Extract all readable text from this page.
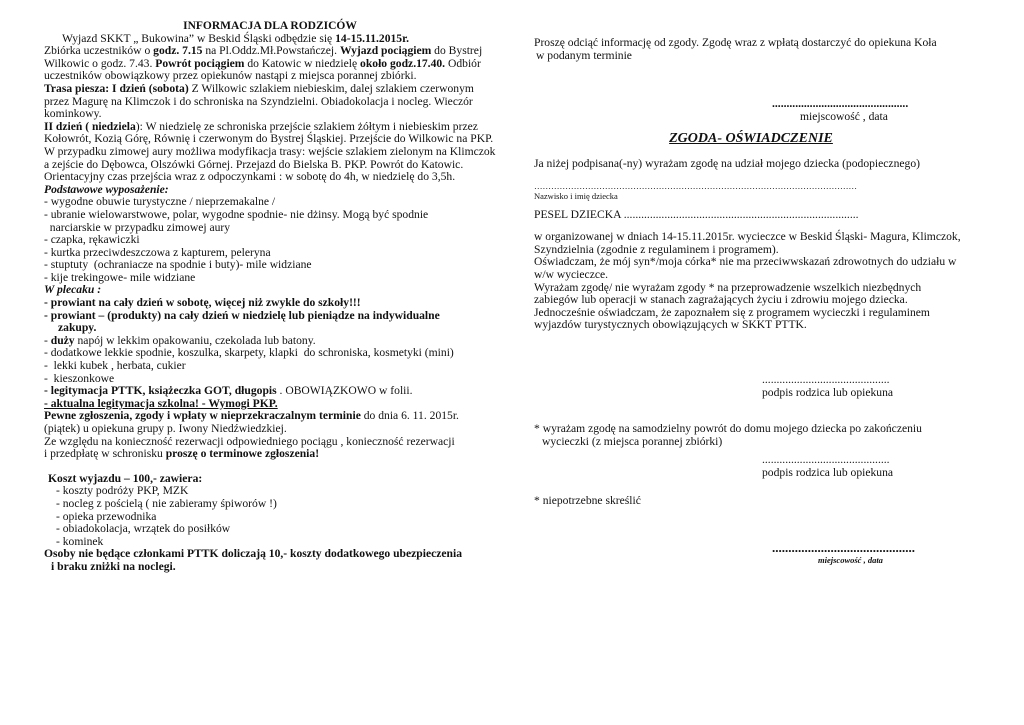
INFORMACJA DLA RODZICÓW
Wyjazd SKKT „ Bukowina” w Beskid Śląski odbędzie się 14-15.11.2015r.
Zbiórka uczestników o godz. 7.15 na Pl.Oddz.Mł.Powstańczej. Wyjazd pociągiem do Bystrej Wilkowic o godz. 7.43. Powrót pociągiem do Katowic w niedzielę około godz.17.40. Odbiór uczestników obowiązkowy przez opiekunów nastąpi z miejsca poranne​j zbiórki.
Trasa piesza: I dzień (sobota) Z Wilkowic szlakiem niebieskim, dalej szlakiem czerwonym przez Magurę na Klimczok i do schroniska na Szyndzielni. Obiadokolacja i nocleg. Wieczór kominkowy.
II dzień ( niedziela): W niedzielę ze schroniska przejście szlakiem żółtym i niebieskim przez Kołowrót, Kozią Górę, Równię i czerwonym do Bystrej Śląskiej. Przejście do Wilkowic na PKP. W przypadku zimowej aury możliwa modyfikacja trasy: wejście szlakiem zielonym na Klimczok a zejście do Dębowca, Olszówki Górnej. Przejazd do Bielska B. PKP. Powrót do Katowic.
Orientacyjny czas przejścia wraz z odpoczynkami : w sobotę do 4h, w niedzielę do 3,5h.
Podstawowe wyposażenie:
- wygodne obuwie turystyczne / nieprzemakalne /
- ubranie wielowarstwowe, polar, wygodne spodnie- nie dżinsy. Mogą być spodnie
narciarskie w przypadku zimowej aury
- czapka, rękawiczki
- kurtka przeciwdeszczowa z kapturem, peleryna
- stuptuty  (ochraniacze na spodnie i buty)- mile widziane
- kije trekingowe- mile widziane
W plecaku :
- prowiant na cały dzień w sobotę, więcej niż zwykle do szkoły!!!
- prowiant – (produkty) na cały dzień w niedzielę lub pieniądze na indywidualne
zakupy.
- duży napój w lekkim opakowaniu, czekolada lub batony.
- dodatkowe lekkie spodnie, koszulka, skarpety, klapki  do schroniska, kosmetyki (mini)
-  lekki kubek , herbata, cukier
-  kieszonkowe
- legitymacja PTTK, książeczka GOT, długopis . OBOWIĄZKOWO w folii.
- aktualna legitymacja szkolna! - Wymogi PKP.
Pewne zgłoszenia, zgody i wpłaty w nieprzekraczalnym terminie do dnia 6. 11. 2015r.
(piątek) u opiekuna grupy p. Iwony Niedźwiedzkiej.
Ze względu na konieczność rezerwacji odpowiedniego pociągu , konieczność rezerwacji
i przedpłatę w schronisku proszę o terminowe zgłoszenia!
Koszt wyjazdu – 100,- zawiera:
- koszty podróży PKP, MZK
- nocleg z pościelą ( nie zabieramy śpiworów !)
- opieka przewodnika
- obiadokolacja, wrzątek do posiłków
- kominek
Osoby nie będące członkami PTTK doliczają 10,- koszty dodatkowego ubezpieczenia
i braku zniżki na noclegi.
Proszę odciąć informację od zgody. Zgodę wraz z wpłatą dostarczyć do opiekuna Koła
w podanym terminie
...............................................
miejscowość , data
ZGODA- OŚWIADCZENIE
Ja niżej podpisana(-ny) wyrażam zgodę na udział mojego dziecka (podopiecznego)
……………………………………………………………………………………………………
Nazwisko i imię dziecka
PESEL DZIECKA .................................................................................
w organizowanej w dniach 14-15.11.2015r. wycieczce w Beskid Śląski- Magura, Klimczok,
Szyndzielnia (zgodnie z regulaminem i programem).
Oświadczam, że mój syn*/moja córka* nie ma przeciwwskazań zdrowotnych do udziału w
w/w wycieczce.
Wyrażam zgodę/ nie wyrażam zgody * na przeprowadzenie wszelkich niezbędnych
zabiegów lub operacji w stanach zagrażających życiu i zdrowiu mojego dziecka.
Jednocześnie oświadczam, że zapoznałem się z programem wycieczki i regulaminem
wyjazdów turystycznych obowiązujących w SKKT PTTK.
............................................
podpis rodzica lub opiekuna
* wyrażam zgodę na samodzielny powrót do domu mojego dziecka po zakończeniu
wycieczki (z miejsca porannej zbiórki)
............................................
podpis rodzica lub opiekuna
* niepotrzebne skreślić
............................................
miejscowość , data
